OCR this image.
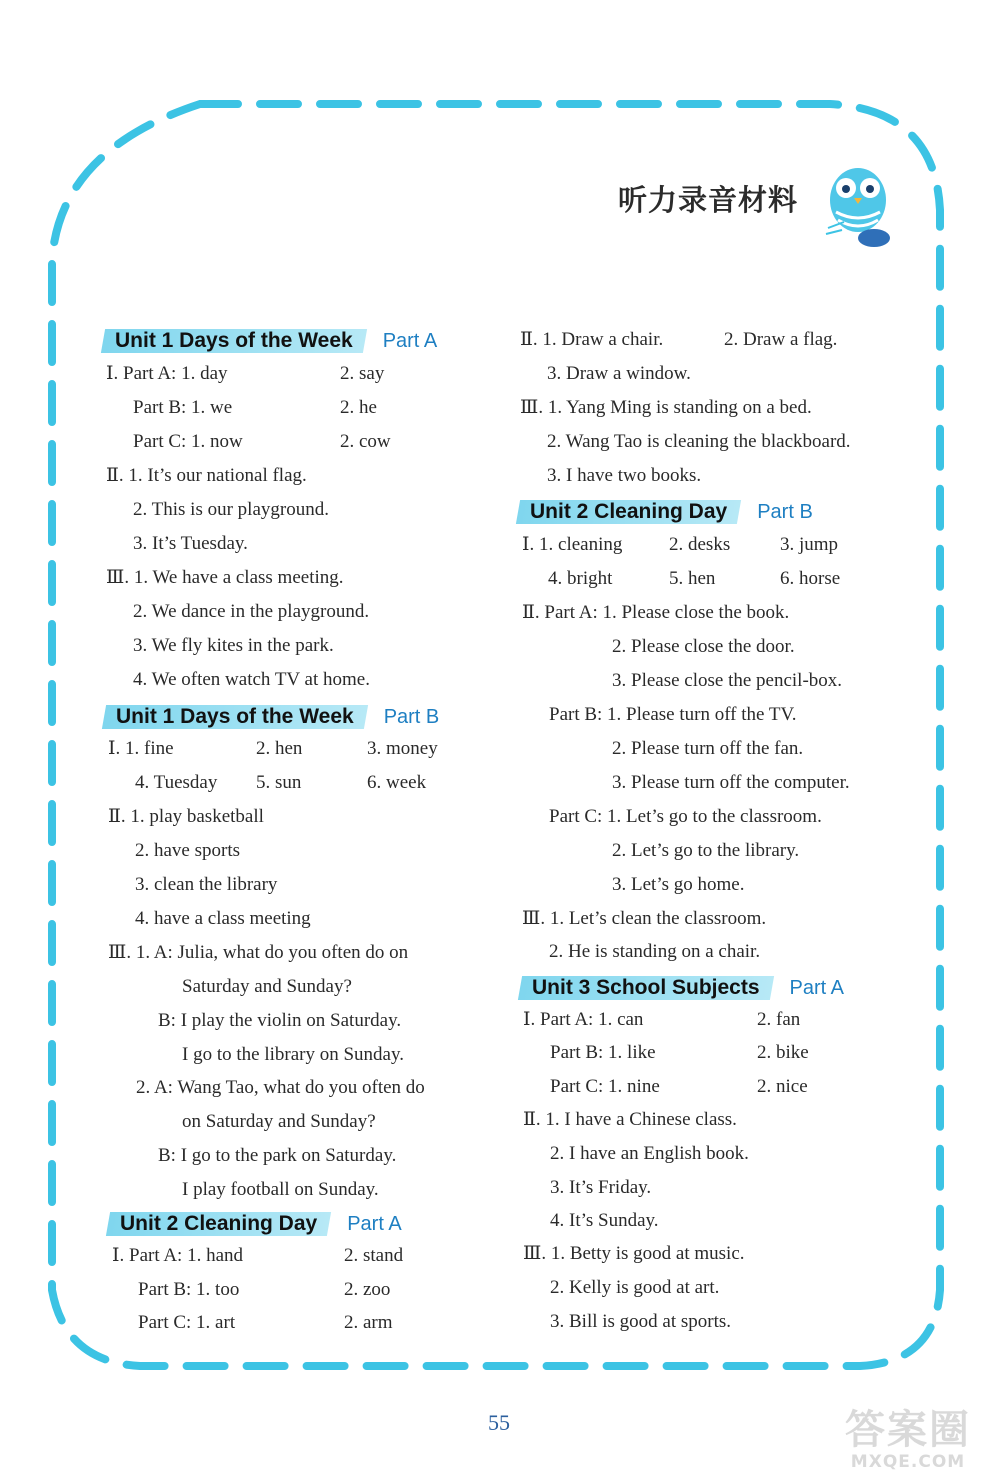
听力录音材料
Unit 1 Days of the Week Part A
Ⅰ. Part A: 1. day	2. say
Part B: 1. we	2. he
Part C: 1. now	2. cow
Ⅱ. 1. It’s our national flag.
2. This is our playground.
3. It’s Tuesday.
Ⅲ. 1. We have a class meeting.
2. We dance in the playground.
3. We fly kites in the park.
4. We often watch TV at home.
Unit 1 Days of the Week Part B
Ⅰ. 1. fine	2. hen	3. money
4. Tuesday 5. sun	6. week
Ⅱ. 1. play basketball
2. have sports
3. clean the library
4. have a class meeting
Ⅲ. 1. A: Julia, what do you often do on
Saturday and Sunday?
B: I play the violin on Saturday.
I go to the library on Sunday.
2. A: Wang Tao, what do you often do
on Saturday and Sunday?
B: I go to the park on Saturday.
I play football on Sunday.
Unit 2 Cleaning Day Part A
Ⅰ. Part A: 1. hand	2. stand
Part B: 1. too	2. zoo
Part C: 1. art	2. arm
Ⅱ. 1. Draw a chair.	2. Draw a flag.
3. Draw a window.
Ⅲ. 1. Yang Ming is standing on a bed.
2. Wang Tao is cleaning the blackboard.
3. I have two books.
Unit 2 Cleaning Day Part B
Ⅰ. 1. cleaning 2. desks	3. jump
4. bright	5. hen	6. horse
Ⅱ. Part A: 1. Please close the book.
2. Please close the door.
3. Please close the pencil-box.
Part B: 1. Please turn off the TV.
2. Please turn off the fan.
3. Please turn off the computer.
Part C: 1. Let’s go to the classroom.
2. Let’s go to the library.
3. Let’s go home.
Ⅲ. 1. Let’s clean the classroom.
2. He is standing on a chair.
Unit 3 School Subjects Part A
Ⅰ. Part A: 1. can	2. fan
Part B: 1. like	2. bike
Part C: 1. nine	2. nice
Ⅱ. 1. I have a Chinese class.
2. I have an English book.
3. It’s Friday.
4. It’s Sunday.
Ⅲ. 1. Betty is good at music.
2. Kelly is good at art.
3. Bill is good at sports.
55	答案圈
MXQE.COM
